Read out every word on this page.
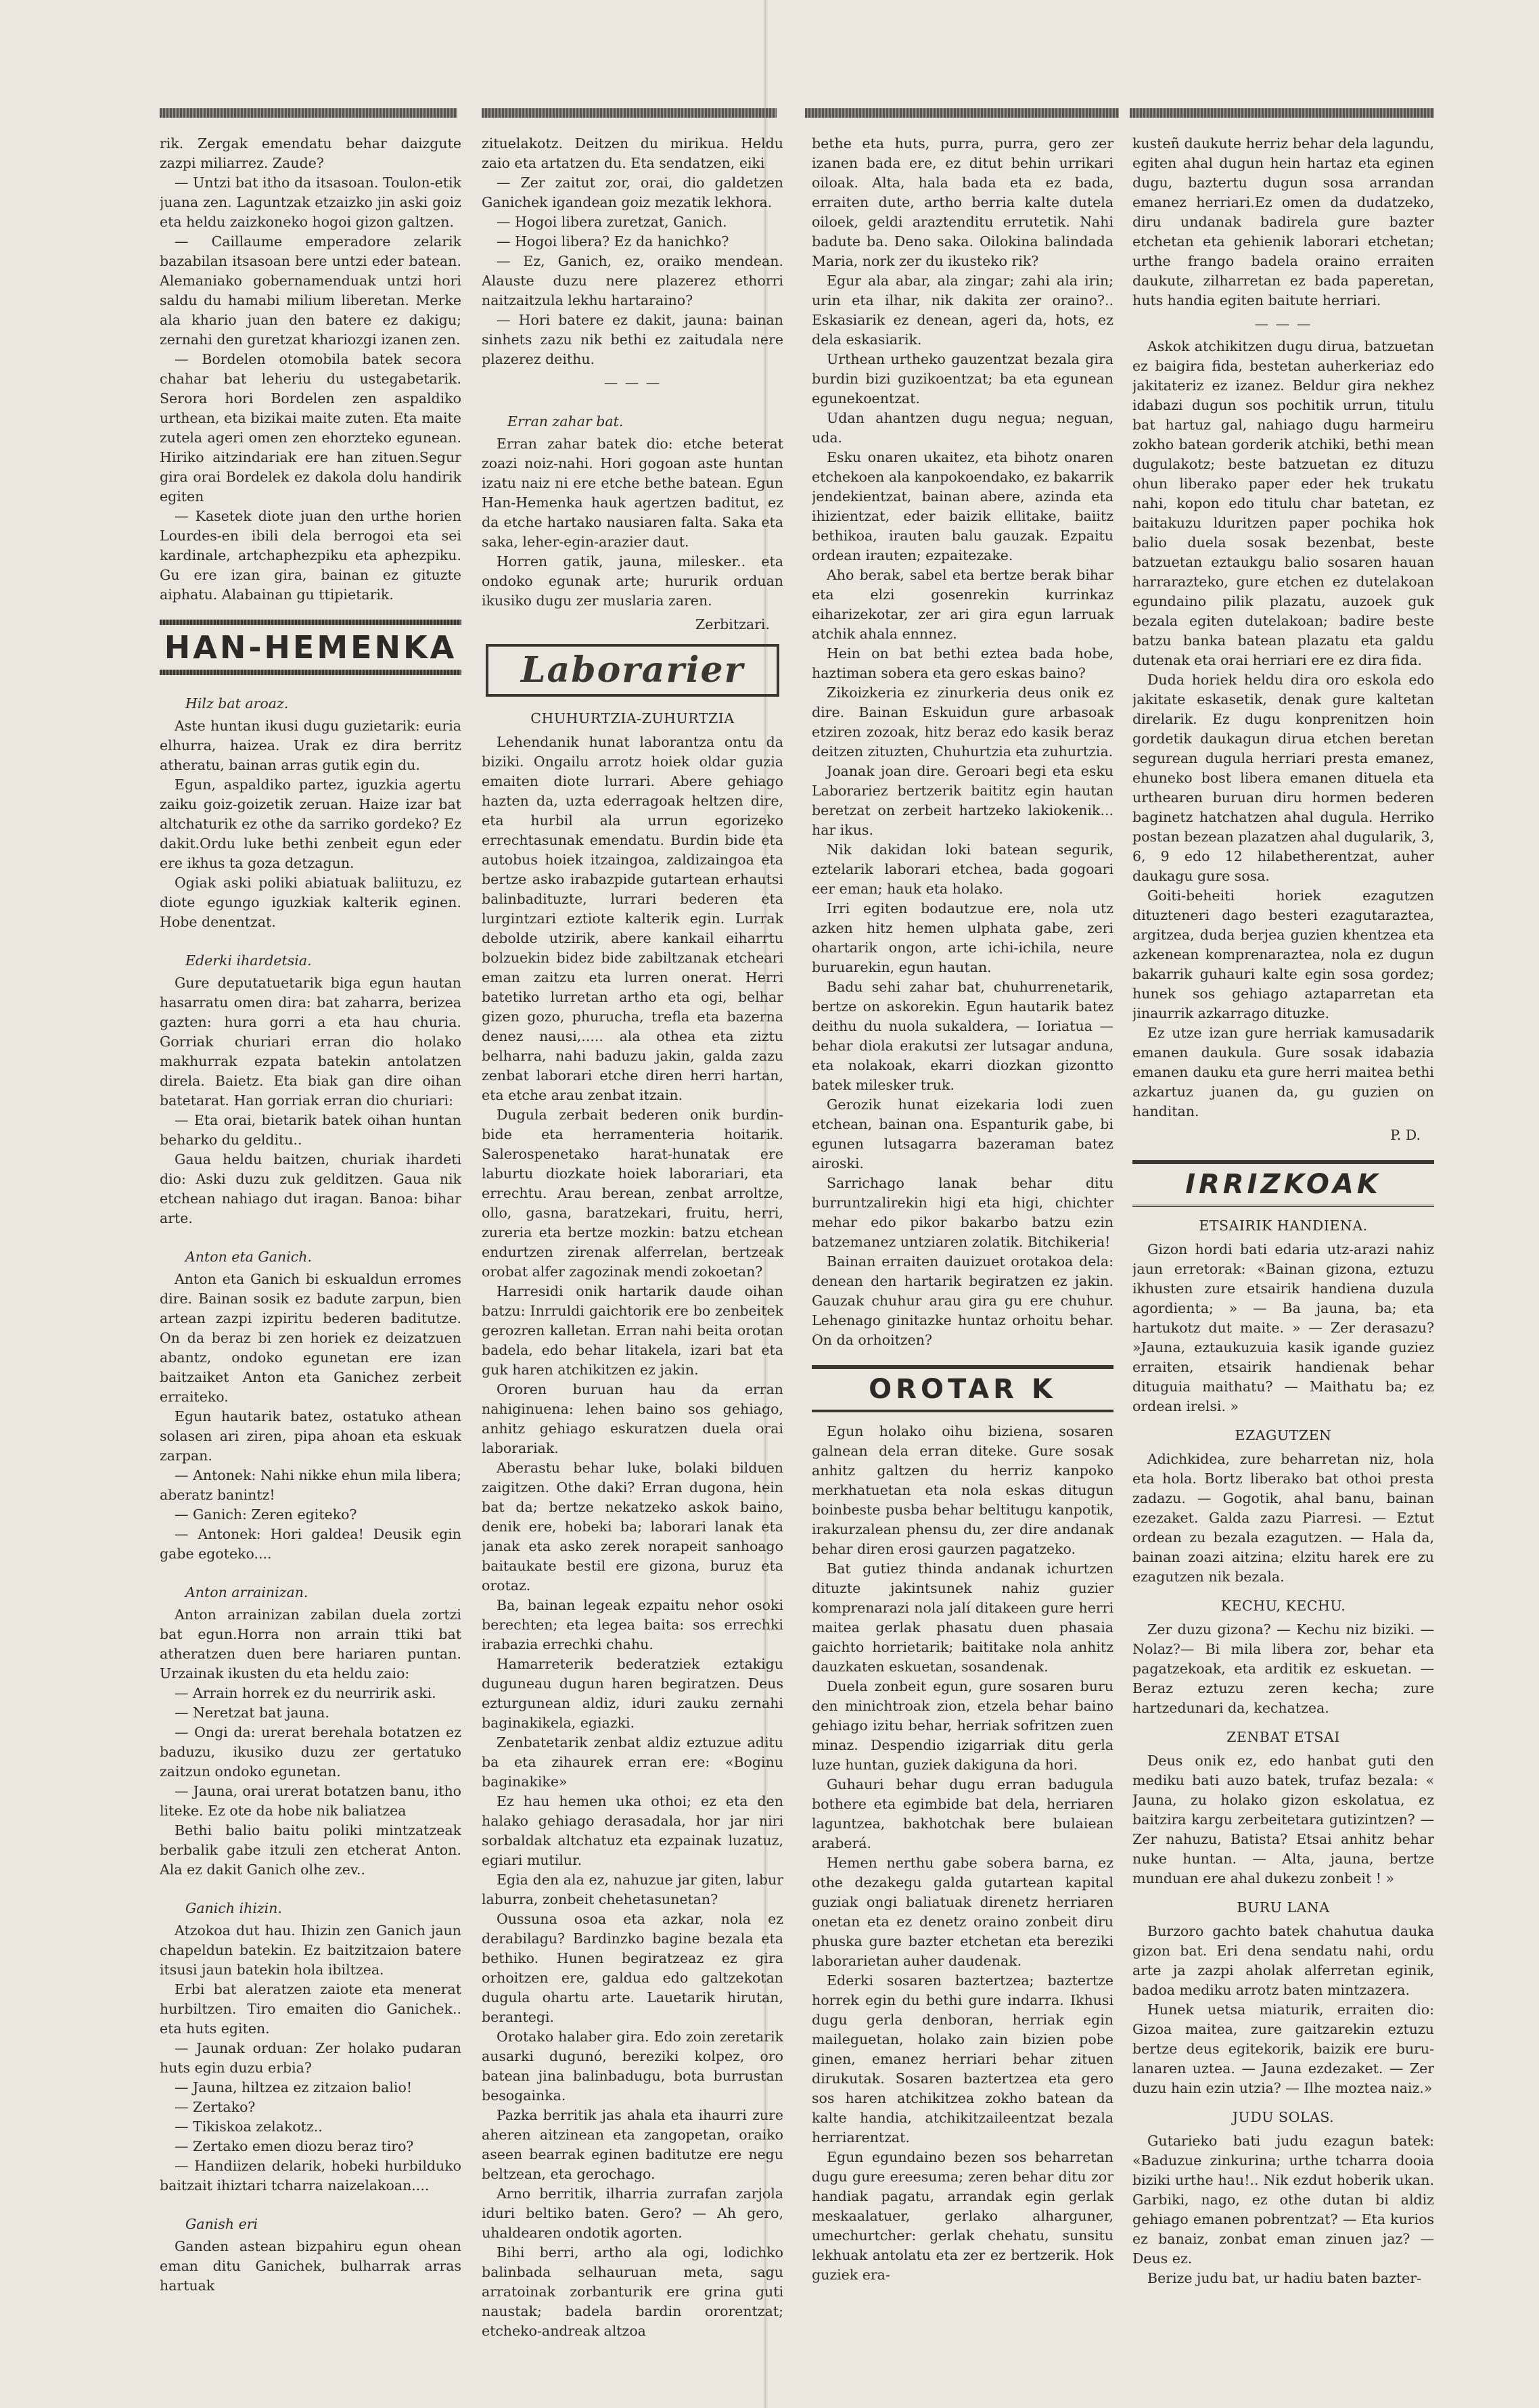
rik. Zergak emendatu behar daizgute zazpi miliarrez. Zaude?

— Untzi bat itho da itsasoan. Toulon-etik juana zen. Laguntzak etzaizko jin aski goiz eta heldu zaizkoneko hogoi gizon galtzen.

— Caillaume emperadore zelarik bazabilan itsasoan bere untzi eder batean. Alemaniako gobernamenduak untzi hori saldu du hamabi milium liberetan. Merke ala khario juan den batere ez dakigu; zernahi den guretzat khariozgi izanen zen.

— Bordelen otomobila batek secora chahar bat leheriu du ustegabetarik. Serora hori Bordelen zen aspaldiko urthean, eta bizikai maite zuten. Eta maite zutela ageri omen zen ehorzteko egunean. Hiriko aitzindariak ere han zituen.Segur gira orai Bordelek ez dakola dolu handirik egiten

— Kasetek diote juan den urthe horien Lourdes-en ibili dela berrogoi eta sei kardinale, artchaphezpiku eta aphezpiku. Gu ere izan gira, bainan ez gituzte aiphatu. Alabainan gu ttipietarik.

HAN-HEMENKA

Hilz bat aroaz.

Aste huntan ikusi dugu guzietarik: euria elhurra, haizea. Urak ez dira berritz atheratu, bainan arras gutik egin du.

Egun, aspaldiko partez, iguzkia agertu zaiku goiz-goizetik zeruan. Haize izar bat altchaturik ez othe da sarriko gordeko? Ez dakit.Ordu luke bethi zenbeit egun eder ere ikhus ta goza detzagun.

Ogiak aski poliki abiatuak baliituzu, ez diote egungo iguzkiak kalterik eginen. Hobe denentzat.

Ederki ihardetsia.

Gure deputatuetarik biga egun hautan hasarratu omen dira: bat zaharra, berizea gazten: hura gorri a eta hau churia. Gorriak churiari erran dio holako makhurrak ezpata batekin antolatzen direla. Baietz. Eta biak gan dire oihan batetarat. Han gorriak erran dio churiari:

— Eta orai, bietarik batek oihan huntan beharko du gelditu..

Gaua heldu baitzen, churiak ihardeti dio: Aski duzu zuk gelditzen. Gaua nik etchean nahiago dut iragan. Banoa: bihar arte.

Anton eta Ganich.

Anton eta Ganich bi eskualdun erromes dire. Bainan sosik ez badute zarpun, bien artean zazpi izpiritu bederen baditutze. On da beraz bi zen horiek ez deizatzuen abantz, ondoko egunetan ere izan baitzaiket Anton eta Ganichez zerbeit erraiteko.

Egun hautarik batez, ostatuko athean solasen ari ziren, pipa ahoan eta eskuak zarpan.

— Antonek: Nahi nikke ehun mila libera; aberatz banintz!

— Ganich: Zeren egiteko?

— Antonek: Hori galdea! Deusik egin gabe egoteko....

Anton arrainizan.

Anton arrainizan zabilan duela zortzi bat egun.Horra non arrain ttiki bat atheratzen duen bere hariaren puntan. Urzainak ikusten du eta heldu zaio:

— Arrain horrek ez du neurririk aski.

— Neretzat bat jauna.

— Ongi da: urerat berehala botatzen ez baduzu, ikusiko duzu zer gertatuko zaitzun ondoko egunetan.

— Jauna, orai urerat botatzen banu, itho liteke. Ez ote da hobe nik baliatzea

Bethi balio baitu poliki mintzatzeak berbalik gabe itzuli zen etcherat Anton. Ala ez dakit Ganich olhe zev..

Ganich ihizin.

Atzokoa dut hau. Ihizin zen Ganich jaun chapeldun batekin. Ez baitzitzaion batere itsusi jaun batekin hola ibiltzea.

Erbi bat aleratzen zaiote eta menerat hurbiltzen. Tiro emaiten dio Ganichek.. eta huts egiten.

— Jaunak orduan: Zer holako pudaran huts egin duzu erbia?

— Jauna, hiltzea ez zitzaion balio!

— Zertako?

— Tikiskoa zelakotz..

— Zertako emen diozu beraz tiro?

— Handiizen delarik, hobeki hurbilduko baitzait ihiztari tcharra naizelakoan....

Ganish eri

Ganden astean bizpahiru egun ohean eman ditu Ganichek, bulharrak arras hartuak

zituelakotz. Deitzen du mirikua. Heldu zaio eta artatzen du. Eta sendatzen, eiki

— Zer zaitut zor, orai, dio galdetzen Ganichek igandean goiz mezatik lekhora.

— Hogoi libera zuretzat, Ganich.

— Hogoi libera? Ez da hanichko?

— Ez, Ganich, ez, oraiko mendean. Alauste duzu nere plazerez ethorri naitzaitzula lekhu hartaraino?

— Hori batere ez dakit, jauna: bainan sinhets zazu nik bethi ez zaitudala nere plazerez deithu.

— — —

Erran zahar bat.

Erran zahar batek dio: etche beterat zoazi noiz-nahi. Hori gogoan aste huntan izatu naiz ni ere etche bethe batean. Egun Han-Hemenka hauk agertzen baditut, ez da etche hartako nausiaren falta. Saka eta saka, leher-egin-arazier daut.

Horren gatik, jauna, milesker.. eta ondoko egunak arte; hururik orduan ikusiko dugu zer muslaria zaren.

Zerbitzari.

Laborarier

CHUHURTZIA-ZUHURTZIA

Lehendanik hunat laborantza ontu da biziki. Ongailu arrotz hoiek oldar guzia emaiten diote lurrari. Abere gehiago hazten da, uzta ederragoak heltzen dire, eta hurbil ala urrun egorizeko errechtasunak emendatu. Burdin bide eta autobus hoiek itzaingoa, zaldizaingoa eta bertze asko irabazpide gutartean erhautsi balinbadituzte, lurrari bederen eta lurgintzari eztiote kalterik egin. Lurrak debolde utzirik, abere kankail eiharrtu bolzuekin bidez bide zabiltzanak etcheari eman zaitzu eta lurren onerat. Herri batetiko lurretan artho eta ogi, belhar gizen gozo, phurucha, trefla eta bazerna denez nausi,..... ala othea eta ziztu belharra, nahi baduzu jakin, galda zazu zenbat laborari etche diren herri hartan, eta etche arau zenbat itzain.

Dugula zerbait bederen onik burdin-bide eta herramenteria hoitarik. Salerospenetako harat-hunatak ere laburtu diozkate hoiek laborariari, eta errechtu. Arau berean, zenbat arroltze, ollo, gasna, baratzekari, fruitu, herri, zureria eta bertze mozkin: batzu etchean endurtzen zirenak alferrelan, bertzeak orobat alfer zagozinak mendi zokoetan?

Harresidi onik hartarik daude oihan batzu: Inrruldi gaichtorik ere bo zenbeitek gerozren kalletan. Erran nahi beita orotan badela, edo behar litakela, izari bat eta guk haren atchikitzen ez jakin.

Ororen buruan hau da erran nahiginuena: lehen baino sos gehiago, anhitz gehiago eskuratzen duela orai laborariak.

Aberastu behar luke, bolaki bilduen zaigitzen. Othe daki? Erran dugona, hein bat da; bertze nekatzeko askok baino, denik ere, hobeki ba; laborari lanak eta janak eta asko zerek norapeit sanhoago baitaukate bestil ere gizona, buruz eta orotaz.

Ba, bainan legeak ezpaitu nehor osoki berechten; eta legea baita: sos errechki irabazia errechki chahu.

Hamarreterik bederatziek eztakigu duguneau dugun haren begiratzen. Deus ezturgunean aldiz, iduri zauku zernahi baginakikela, egiazki.

Zenbatetarik zenbat aldiz eztuzue aditu ba eta zihaurek erran ere: «Boginu baginakike»

Ez hau hemen uka othoi; ez eta den halako gehiago derasadala, hor jar niri sorbaldak altchatuz eta ezpainak luzatuz, egiari mutilur.

Egia den ala ez, nahuzue jar giten, labur laburra, zonbeit chehetasunetan?

Oussuna osoa eta azkar, nola ez derabilagu? Bardinzko bagine bezala eta bethiko. Hunen begiratzeaz ez gira orhoitzen ere, galdua edo galtzekotan dugula ohartu arte. Lauetarik hirutan, berantegi.

Orotako halaber gira. Edo zoin zeretarik ausarki dugunó, bereziki kolpez, oro batean jina balinbadugu, bota burrustan besogainka.

Pazka berritik jas ahala eta ihaurri zure aheren aitzinean eta zangopetan, oraiko aseen bearrak eginen baditutze ere negu beltzean, eta gerochago.

Arno berritik, ilharria zurrafan zarjola iduri beltiko baten. Gero? — Ah gero, uhaldearen ondotik agorten.

Bihi berri, artho ala ogi, lodichko balinbada selhauruan meta, sagu arratoinak zorbanturik ere grina guti naustak; badela bardin ororentzat; etcheko-andreak altzoa

bethe eta huts, purra, purra, gero zer izanen bada ere, ez ditut behin urrikari oiloak. Alta, hala bada eta ez bada, erraiten dute, artho berria kalte dutela oiloek, geldi araztenditu errutetik. Nahi badute ba. Deno saka. Oilokina balindada Maria, nork zer du ikusteko rik?

Egur ala abar, ala zingar; zahi ala irin; urin eta ilhar, nik dakita zer oraino?.. Eskasiarik ez denean, ageri da, hots, ez dela eskasiarik.

Urthean urtheko gauzentzat bezala gira burdin bizi guzikoentzat; ba eta egunean egunekoentzat.

Udan ahantzen dugu negua; neguan, uda.

Esku onaren ukaitez, eta bihotz onaren etchekoen ala kanpokoendako, ez bakarrik jendekientzat, bainan abere, azinda eta ihizientzat, eder baizik ellitake, baiitz bethikoa, irauten balu gauzak. Ezpaitu ordean irauten; ezpaitezake.

Aho berak, sabel eta bertze berak bihar eta elzi gosenrekin kurrinkaz eiharizekotar, zer ari gira egun larruak atchik ahala ennnez.

Hein on bat bethi eztea bada hobe, haztiman sobera eta gero eskas baino?

Zikoizkeria ez zinurkeria deus onik ez dire. Bainan Eskuidun gure arbasoak etziren zozoak, hitz beraz edo kasik beraz deitzen zituzten, Chuhurtzia eta zuhurtzia.

Joanak joan dire. Geroari begi eta esku Laborariez bertzerik baititz egin hautan beretzat on zerbeit hartzeko lakiokenik... har ikus.

Nik dakidan loki batean segurik, eztelarik laborari etchea, bada gogoari eer eman; hauk eta holako.

Irri egiten bodautzue ere, nola utz azken hitz hemen ulphata gabe, zeri ohartarik ongon, arte ichi-ichila, neure buruarekin, egun hautan.

Badu sehi zahar bat, chuhurrenetarik, bertze on askorekin. Egun hautarik batez deithu du nuola sukaldera, — Ioriatua — behar diola erakutsi zer lutsagar anduna, eta nolakoak, ekarri diozkan gizontto batek milesker truk.

Gerozik hunat eizekaria lodi zuen etchean, bainan ona. Espanturik gabe, bi egunen lutsagarra bazeraman batez airoski.

Sarrichago lanak behar ditu burruntzalirekin higi eta higi, chichter mehar edo pikor bakarbo batzu ezin batzemanez untziaren zolatik. Bitchikeria!

Bainan erraiten dauizuet orotakoa dela: denean den hartarik begiratzen ez jakin. Gauzak chuhur arau gira gu ere chuhur. Lehenago ginitazke huntaz orhoitu behar. On da orhoitzen?

OROTAR K

Egun holako oihu biziena, sosaren galnean dela erran diteke. Gure sosak anhitz galtzen du herriz kanpoko merkhatuetan eta nola eskas ditugun boinbeste pusba behar beltitugu kanpotik, irakurzalean phensu du, zer dire andanak behar diren erosi gaurzen pagatzeko.

Bat gutiez thinda andanak ichurtzen dituzte jakintsunek nahiz guzier komprenarazi nola jalí ditakeen gure herri maitea gerlak phasatu duen phasaia gaichto horrietarik; baititake nola anhitz dauzkaten eskuetan, sosandenak.

Duela zonbeit egun, gure sosaren buru den minichtroak zion, etzela behar baino gehiago izitu behar, herriak sofritzen zuen minaz. Despendio izigarriak ditu gerla luze huntan, guziek dakiguna da hori.

Guhauri behar dugu erran badugula bothere eta egimbide bat dela, herriaren laguntzea, bakhotchak bere bulaiean araberá.

Hemen nerthu gabe sobera barna, ez othe dezakegu galda gutartean kapital guziak ongi baliatuak direnetz herriaren onetan eta ez denetz oraino zonbeit diru phuska gure bazter etchetan eta bereziki laborarietan auher daudenak.

Ederki sosaren baztertzea; baztertze horrek egin du bethi gure indarra. Ikhusi dugu gerla denboran, herriak egin maileguetan, holako zain bizien pobe ginen, emanez herriari behar zituen dirukutak. Sosaren baztertzea eta gero sos haren atchikitzea zokho batean da kalte handia, atchikitzaileentzat bezala herriarentzat.

Egun egundaino bezen sos beharretan dugu gure ereesuma; zeren behar ditu zor handiak pagatu, arrandak egin gerlak meskaalatuer, gerlako alharguner, umechurtcher: gerlak chehatu, sunsitu lekhuak antolatu eta zer ez bertzerik. Hok guziek era-

kusteñ daukute herriz behar dela lagundu, egiten ahal dugun hein hartaz eta eginen dugu, baztertu dugun sosa arrandan emanez herriari.Ez omen da dudatzeko, diru undanak badirela gure bazter etchetan eta gehienik laborari etchetan; urthe frango badela oraino erraiten daukute, zilharretan ez bada paperetan, huts handia egiten baitute herriari.

— — —

Askok atchikitzen dugu dirua, batzuetan ez baigira fida, bestetan auherkeriaz edo jakitateriz ez izanez. Beldur gira nekhez idabazi dugun sos pochitik urrun, titulu bat hartuz gal, nahiago dugu harmeiru zokho batean gorderik atchiki, bethi mean dugulakotz; beste batzuetan ez dituzu ohun liberako paper eder hek trukatu nahi, kopon edo titulu char batetan, ez baitakuzu lduritzen paper pochika hok balio duela sosak bezenbat, beste batzuetan eztaukgu balio sosaren hauan harrarazteko, gure etchen ez dutelakoan egundaino pilik plazatu, auzoek guk bezala egiten dutelakoan; badire beste batzu banka batean plazatu eta galdu dutenak eta orai herriari ere ez dira fida.

Duda horiek heldu dira oro eskola edo jakitate eskasetik, denak gure kaltetan direlarik. Ez dugu konprenitzen hoin gordetik daukagun dirua etchen beretan segurean dugula herriari presta emanez, ehuneko bost libera emanen dituela eta urthearen buruan diru hormen bederen baginetz hatchatzen ahal dugula. Herriko postan bezean plazatzen ahal dugularik, 3, 6, 9 edo 12 hilabetherentzat, auher daukagu gure sosa.

Goiti-beheiti horiek ezagutzen dituzteneri dago besteri ezagutaraztea, argitzea, duda berjea guzien khentzea eta azkenean komprenaraztea, nola ez dugun bakarrik guhauri kalte egin sosa gordez; hunek sos gehiago aztaparretan eta jinaurrik azkarrago dituzke.

Ez utze izan gure herriak kamusadarik emanen daukula. Gure sosak idabazia emanen dauku eta gure herri maitea bethi azkartuz juanen da, gu guzien on handitan.

P. D.

IRRIZKOAK

ETSAIRIK HANDIENA.

Gizon hordi bati edaria utz-arazi nahiz jaun erretorak: «Bainan gizona, eztuzu ikhusten zure etsairik handiena duzula agordienta; » — Ba jauna, ba; eta hartukotz dut maite. » — Zer derasazu? »Jauna, eztaukuzuia kasik igande guziez erraiten, etsairik handienak behar dituguia maithatu? — Maithatu ba; ez ordean irelsi. »

EZAGUTZEN

Adichkidea, zure beharretan niz, hola eta hola. Bortz liberako bat othoi presta zadazu. — Gogotik, ahal banu, bainan ezezaket. Galda zazu Piarresi. — Eztut ordean zu bezala ezagutzen. — Hala da, bainan zoazi aitzina; elzitu harek ere zu ezagutzen nik bezala.

KECHU, KECHU.

Zer duzu gizona? — Kechu niz biziki. — Nolaz?— Bi mila libera zor, behar eta pagatzekoak, eta arditik ez eskuetan. — Beraz eztuzu zeren kecha; zure hartzedunari da, kechatzea.

ZENBAT ETSAI

Deus onik ez, edo hanbat guti den mediku bati auzo batek, trufaz bezala: « Jauna, zu holako gizon eskolatua, ez baitzira kargu zerbeitetara gutizintzen? — Zer nahuzu, Batista? Etsai anhitz behar nuke huntan. — Alta, jauna, bertze munduan ere ahal dukezu zonbeit ! »

BURU LANA

Burzoro gachto batek chahutua dauka gizon bat. Eri dena sendatu nahi, ordu arte ja zazpi aholak alferretan eginik, badoa mediku arrotz baten mintzazera.

Hunek uetsa miaturik, erraiten dio: Gizoa maitea, zure gaitzarekin eztuzu bertze deus egitekorik, baizik ere buru-lanaren uztea. — Jauna ezdezaket. — Zer duzu hain ezin utzia? — Ilhe moztea naiz.»

JUDU SOLAS.

Gutarieko bati judu ezagun batek: «Baduzue zinkurina; urthe tcharra dooia biziki urthe hau!.. Nik ezdut hoberik ukan. Garbiki, nago, ez othe dutan bi aldiz gehiago emanen pobrentzat? — Eta kurios ez banaiz, zonbat eman zinuen jaz? — Deus ez.

Berize judu bat, ur hadiu baten bazter-
